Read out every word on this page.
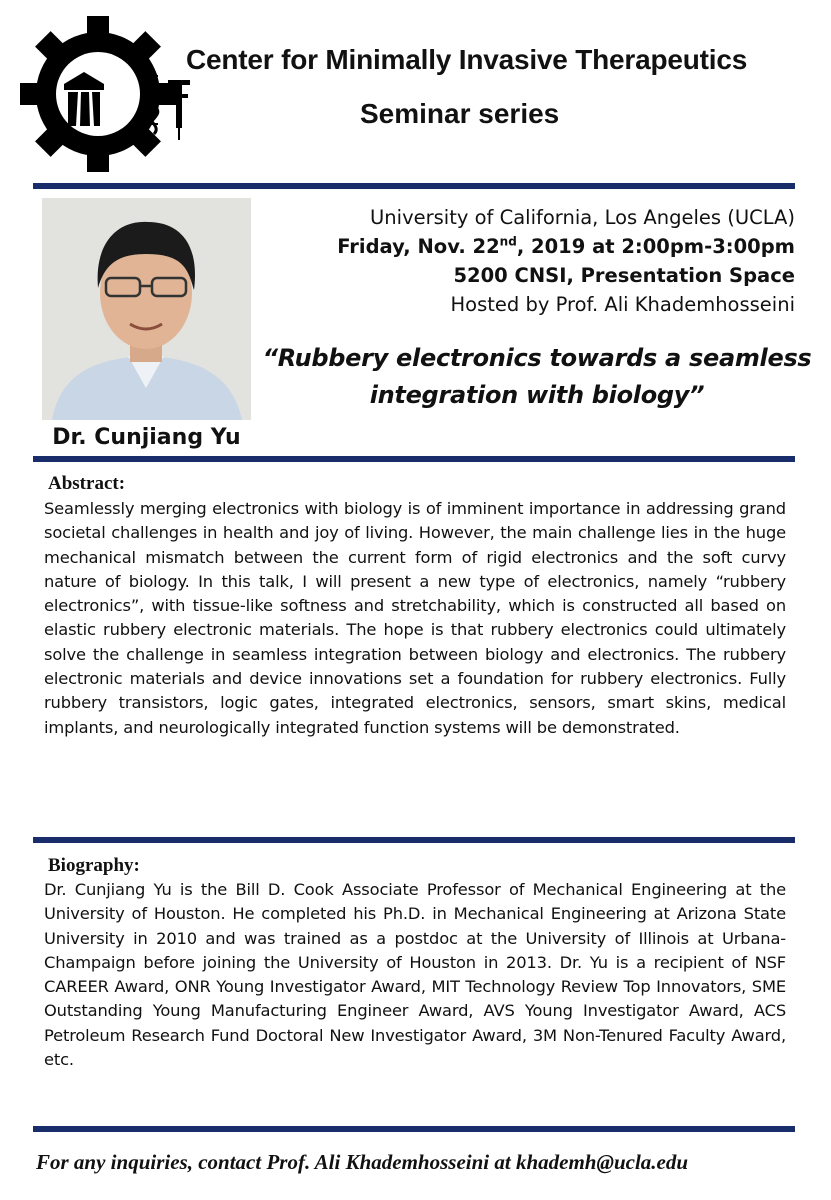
Center for Minimally Invasive Therapeutics
Seminar series
Dr. Cunjiang Yu
University of California, Los Angeles (UCLA)
Friday, Nov. 22nd, 2019 at 2:00pm-3:00pm
5200 CNSI, Presentation Space
Hosted by Prof. Ali Khademhosseini
“Rubbery electronics towards a seamless
integration with biology”
Abstract:
Seamlessly merging electronics with biology is of imminent importance in addressing grand societal challenges in health and joy of living. However, the main challenge lies in the huge mechanical mismatch between the current form of rigid electronics and the soft curvy nature of biology. In this talk, I will present a new type of electronics, namely “rubbery electronics”, with tissue-like softness and stretchability, which is constructed all based on elastic rubbery electronic materials. The hope is that rubbery electronics could ultimately solve the challenge in seamless integration between biology and electronics. The rubbery electronic materials and device innovations set a foundation for rubbery electronics. Fully rubbery transistors, logic gates, integrated electronics, sensors, smart skins, medical implants, and neurologically integrated function systems will be demonstrated.
Biography:
Dr. Cunjiang Yu is the Bill D. Cook Associate Professor of Mechanical Engineering at the University of Houston. He completed his Ph.D. in Mechanical Engineering at Arizona State University in 2010 and was trained as a postdoc at the University of Illinois at Urbana-Champaign before joining the University of Houston in 2013. Dr. Yu is a recipient of NSF CAREER Award, ONR Young Investigator Award, MIT Technology Review Top Innovators, SME Outstanding Young Manufacturing Engineer Award, AVS Young Investigator Award, ACS Petroleum Research Fund Doctoral New Investigator Award, 3M Non-Tenured Faculty Award, etc.
For any inquiries, contact Prof. Ali Khademhosseini at khademh@ucla.edu
